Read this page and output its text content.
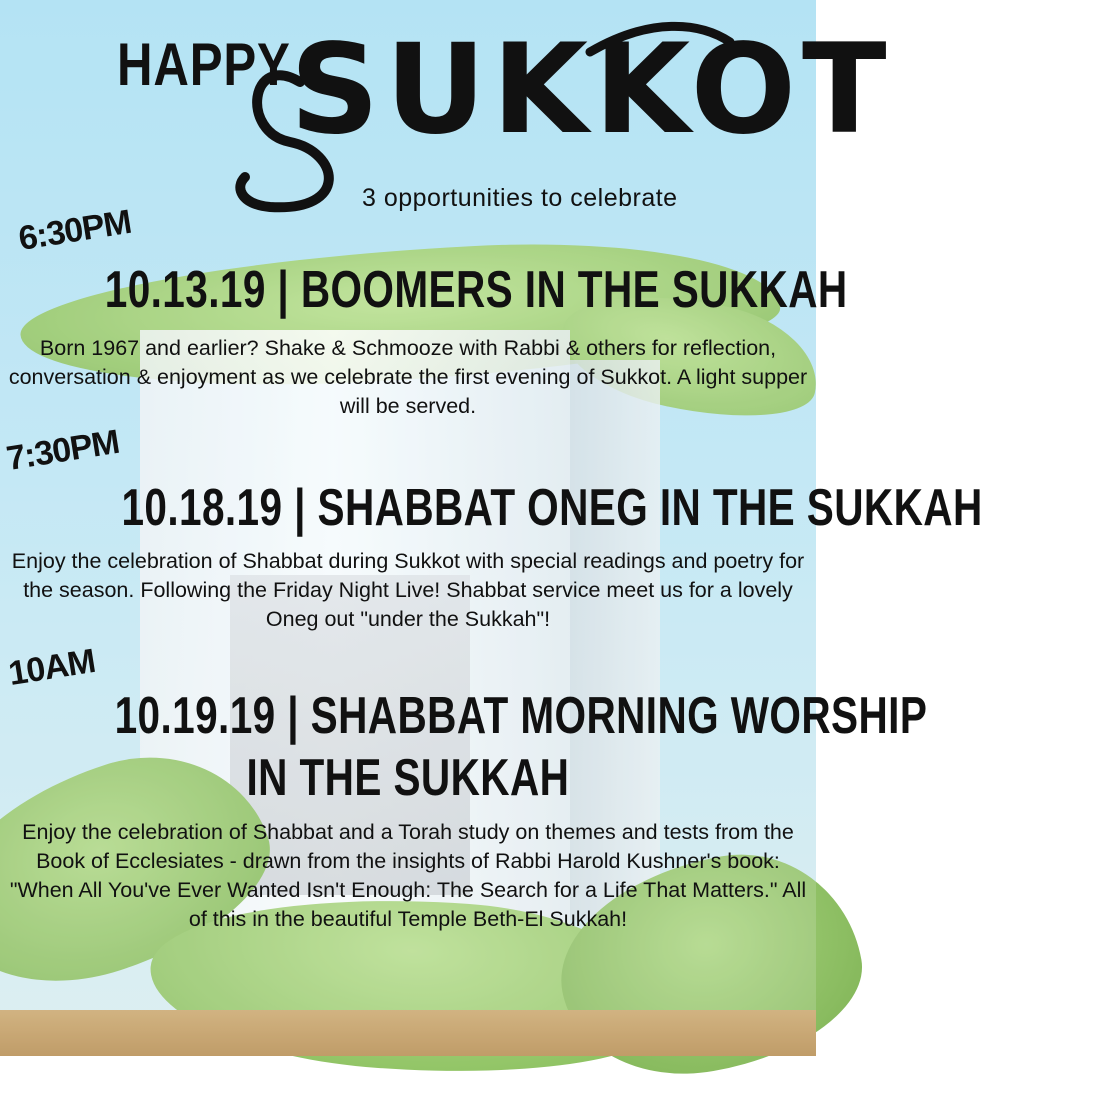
HAPPY SUKKOT
3 opportunities to celebrate
6:30PM
10.13.19 | BOOMERS IN THE SUKKAH
Born 1967 and earlier? Shake & Schmooze with Rabbi & others for reflection, conversation & enjoyment as we celebrate the first evening of Sukkot. A light supper will be served.
7:30PM
10.18.19 | SHABBAT ONEG IN THE SUKKAH
Enjoy the celebration of Shabbat during Sukkot with special readings and poetry for the season. Following the Friday Night Live! Shabbat service meet us for a lovely Oneg out "under the Sukkah"!
10AM
10.19.19 | SHABBAT MORNING WORSHIP
IN THE SUKKAH
Enjoy the celebration of Shabbat and a Torah study on themes and tests from the Book of Ecclesiates - drawn from the insights of Rabbi Harold Kushner's book: "When All You've Ever Wanted Isn't Enough: The Search for a Life That Matters." All of this in the beautiful Temple Beth-El Sukkah!
